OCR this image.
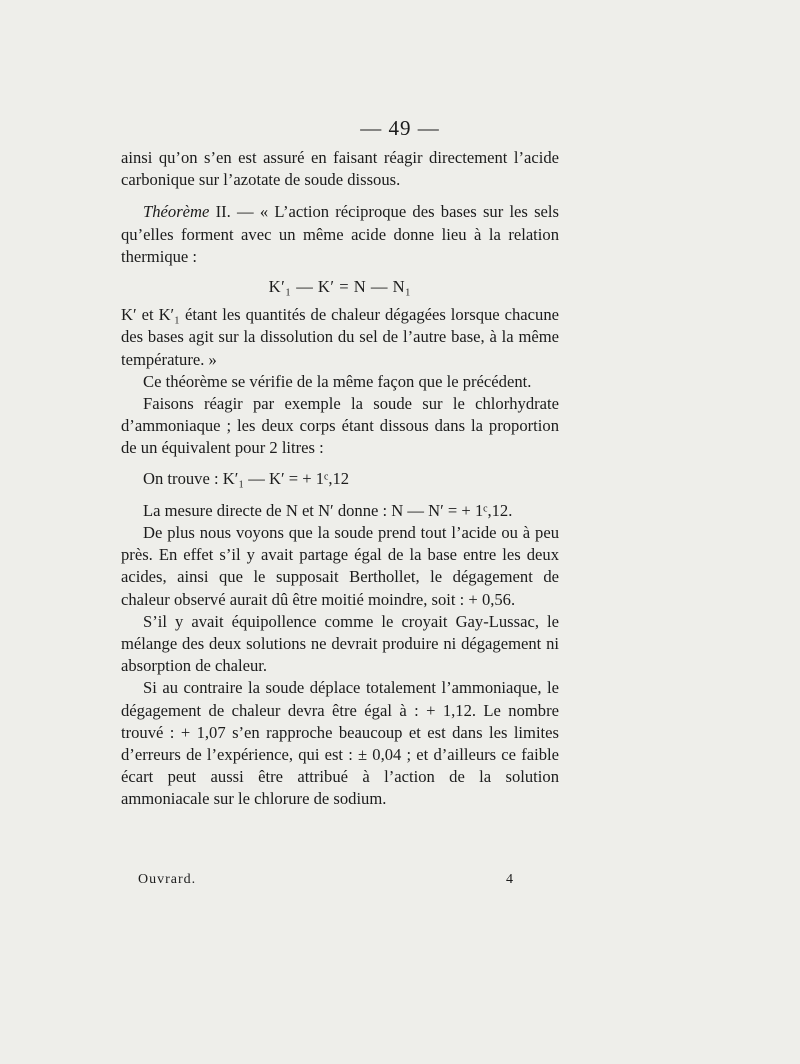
— 49 —

ainsi qu’on s’en est assuré en faisant réagir directement l’acide carbonique sur l’azotate de soude dissous.

Théorème II. — « L’action réciproque des bases sur les sels qu’elles forment avec un même acide donne lieu à la relation thermique :

K′₁ — K′ = N — N₁

K′ et K′₁ étant les quantités de chaleur dégagées lorsque chacune des bases agit sur la dissolution du sel de l’autre base, à la même température. »

Ce théorème se vérifie de la même façon que le précédent.

Faisons réagir par exemple la soude sur le chlorhydrate d’ammoniaque ; les deux corps étant dissous dans la proportion de un équivalent pour 2 litres :

On trouve : K′₁ — K′ = + 1ᶜ,12

La mesure directe de N et N′ donne : N — N′ = + 1ᶜ,12.

De plus nous voyons que la soude prend tout l’acide ou à peu près. En effet s’il y avait partage égal de la base entre les deux acides, ainsi que le supposait Berthollet, le dégagement de chaleur observé aurait dû être moitié moindre, soit : + 0,56.

S’il y avait équipollence comme le croyait Gay-Lussac, le mélange des deux solutions ne devrait produire ni dégagement ni absorption de chaleur.

Si au contraire la soude déplace totalement l’ammoniaque, le dégagement de chaleur devra être égal à : + 1,12. Le nombre trouvé : + 1,07 s’en rapproche beaucoup et est dans les limites d’erreurs de l’expérience, qui est : ± 0,04 ; et d’ailleurs ce faible écart peut aussi être attribué à l’action de la solution ammoniacale sur le chlorure de sodium.

Ouvrard.	4
